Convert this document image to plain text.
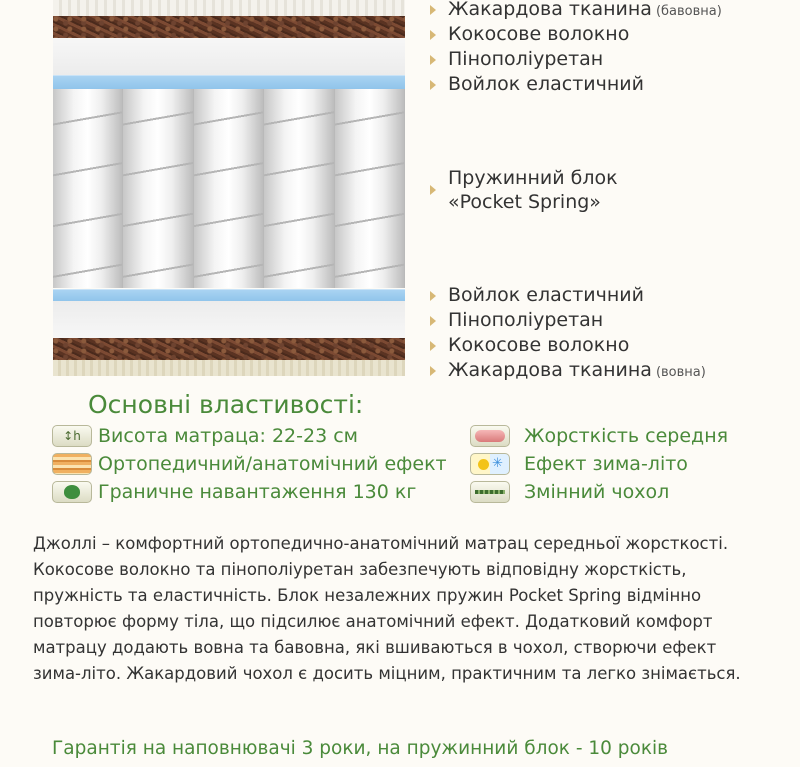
Жакардова тканина (бавовна)
Кокосове волокно
Пінополіуретан
Войлок еластичний
Пружинний блок
«Pocket Spring»
Войлок еластичний
Пінополіуретан
Кокосове волокно
Жакардова тканина (вовна)
Основні властивості:
↕h Висота матраца: 22-23 см
Ортопедичний/анатомічний ефект
Граничне навантаження 130 кг
Жорсткість середня
✳
Ефект зима-літо
Змінний чохол

Джоллі – комфортний ортопедично-анатомічний матрац середньої жорсткості.
Кокосове волокно та пінополіуретан забезпечують відповідну жорсткість,
пружність та еластичність. Блок незалежних пружин Pocket Spring відмінно
повторює форму тіла, що підсилює анатомічний ефект. Додатковий комфорт
матрацу додають вовна та бавовна, які вшиваються в чохол, створючи ефект
зима-літо. Жакардовий чохол є досить міцним, практичним та легко знімається.

Гарантія на наповнювачі 3 роки, на пружинний блок - 10 років
